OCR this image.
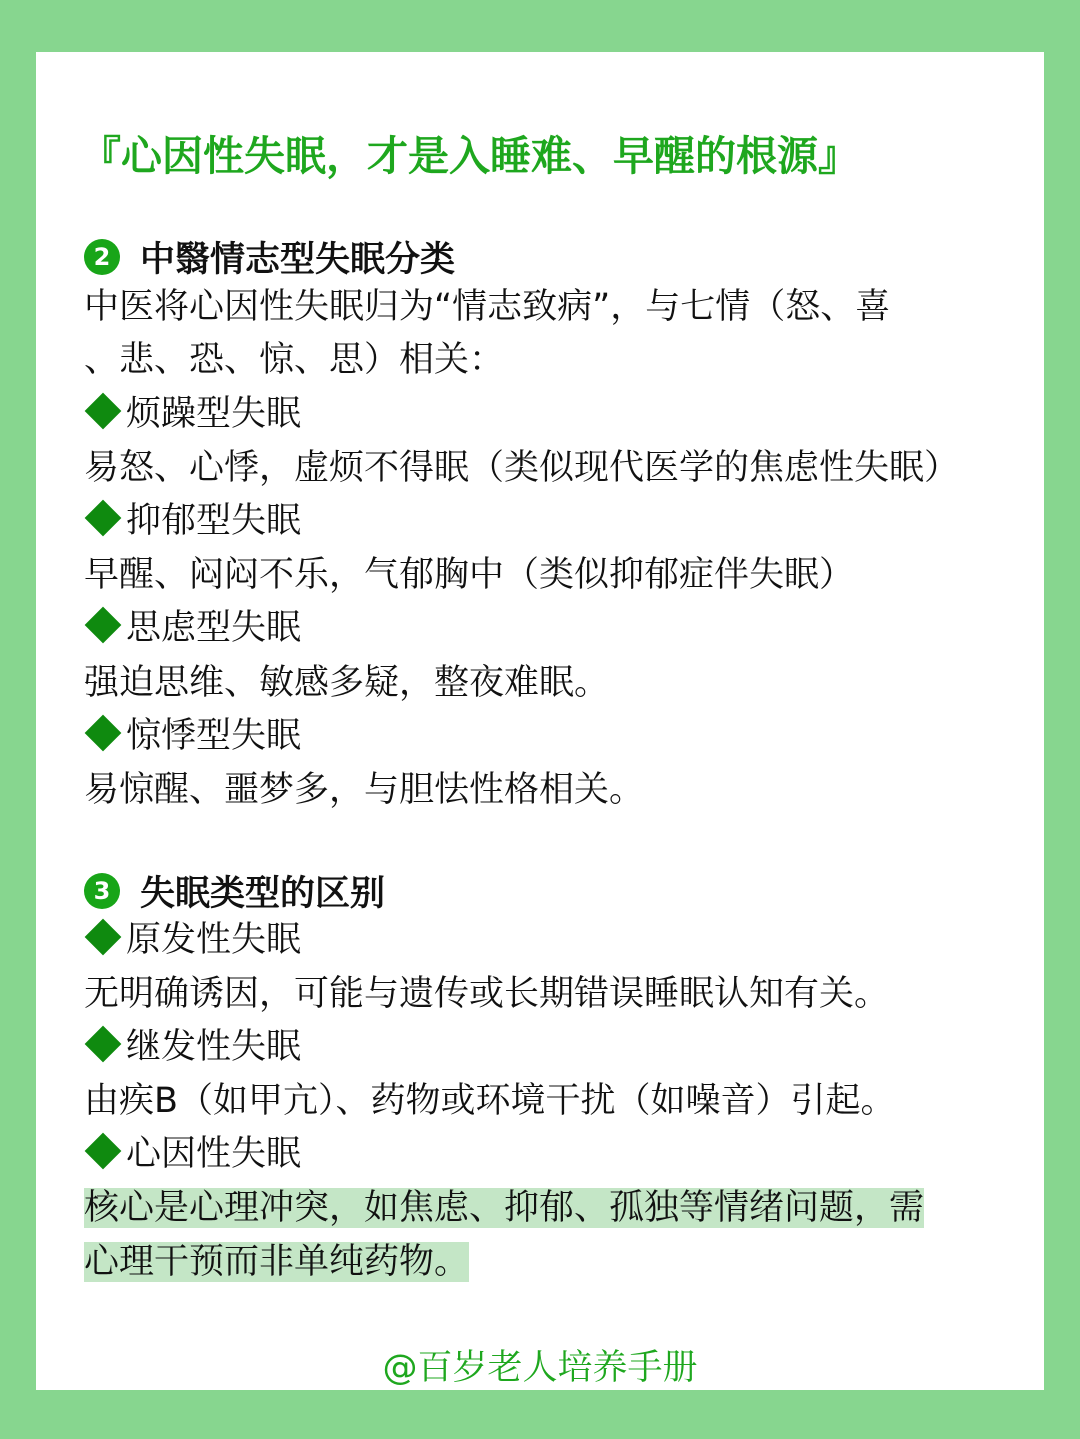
『心因性失眠，才是入睡难、早醒的根源』
2 中翳情志型失眠分类
中医将心因性失眠归为“情志致病”，与七情（怒、喜
、悲、恐、惊、思）相关：
烦躁型失眠
易怒、心悸，虚烦不得眠（类似现代医学的焦虑性失眠）
抑郁型失眠
早醒、闷闷不乐，气郁胸中（类似抑郁症伴失眠）
思虑型失眠
强迫思维、敏感多疑，整夜难眠。
惊悸型失眠
易惊醒、噩梦多，与胆怯性格相关。
3 失眠类型的区别
原发性失眠
无明确诱因，可能与遗传或长期错误睡眠认知有关。
继发性失眠
由疾B（如甲亢）、药物或环境干扰（如噪音）引起。
心因性失眠
核心是心理冲突，如焦虑、抑郁、孤独等情绪问题，需
心理干预而非单纯药物。
@百岁老人培养手册
